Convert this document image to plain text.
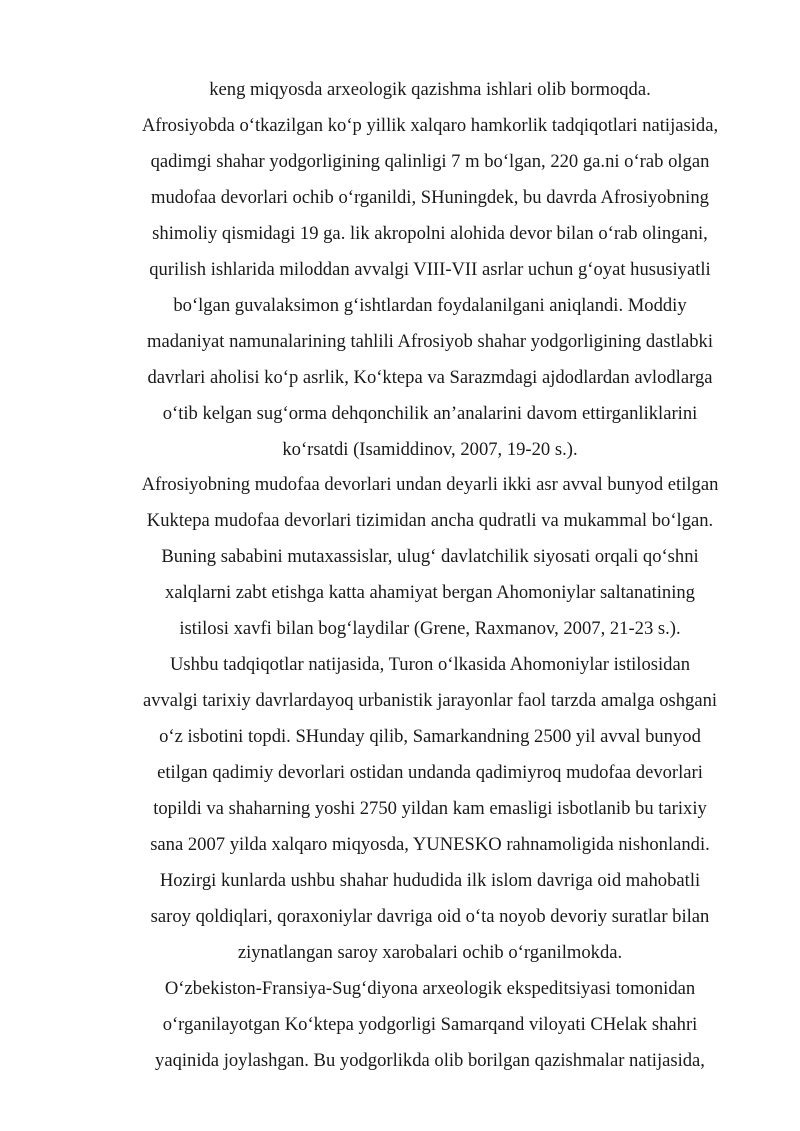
keng miqyosda arxeologik qazishma ishlari olib bormoqda.
Afrosiyobda oʻtkazilgan koʻp yillik xalqaro hamkorlik tadqiqotlari natijasida,
qadimgi shahar yodgorligining qalinligi 7 m boʻlgan, 220 ga.ni oʻrab olgan
mudofaa devorlari ochib oʻrganildi, SHuningdek, bu davrda Afrosiyobning
shimoliy qismidagi 19 ga. lik akropolni alohida devor bilan oʻrab olingani,
qurilish ishlarida miloddan avvalgi VIII-VII asrlar uchun gʻoyat hususiyatli
boʻlgan guvalaksimon gʻishtlardan foydalanilgani aniqlandi. Moddiy
madaniyat namunalarining tahlili Afrosiyob shahar yodgorligining dastlabki
davrlari aholisi koʻp asrlik, Koʻktepa va Sarazmdagi ajdodlardan avlodlarga
oʻtib kelgan sugʻorma dehqonchilik an’analarini davom ettirganliklarini
koʻrsatdi (Isamiddinov, 2007, 19-20 s.).
Afrosiyobning mudofaa devorlari undan deyarli ikki asr avval bunyod etilgan
Kuktepa mudofaa devorlari tizimidan ancha qudratli va mukammal boʻlgan.
Buning sababini mutaxassislar, ulugʻ davlatchilik siyosati orqali qoʻshni
xalqlarni zabt etishga katta ahamiyat bergan Ahomoniylar saltanatining
istilosi xavfi bilan bogʻlaydilar (Grene, Raxmanov, 2007, 21-23 s.).
Ushbu tadqiqotlar natijasida, Turon oʻlkasida Ahomoniylar istilosidan
avvalgi tarixiy davrlardayoq urbanistik jarayonlar faol tarzda amalga oshgani
oʻz isbotini topdi. SHunday qilib, Samarkandning 2500 yil avval bunyod
etilgan qadimiy devorlari ostidan undanda qadimiyroq mudofaa devorlari
topildi va shaharning yoshi 2750 yildan kam emasligi isbotlanib bu tarixiy
sana 2007 yilda xalqaro miqyosda, YUNESKO rahnamoligida nishonlandi.
Hozirgi kunlarda ushbu shahar hududida ilk islom davriga oid mahobatli
saroy qoldiqlari, qoraxoniylar davriga oid oʻta noyob devoriy suratlar bilan
ziynatlangan saroy xarobalari ochib oʻrganilmokda.
Oʻzbekiston-Fransiya-Sugʻdiyona arxeologik ekspeditsiyasi tomonidan
oʻrganilayotgan Koʻktepa yodgorligi Samarqand viloyati CHelak shahri
yaqinida joylashgan. Bu yodgorlikda olib borilgan qazishmalar natijasida,
